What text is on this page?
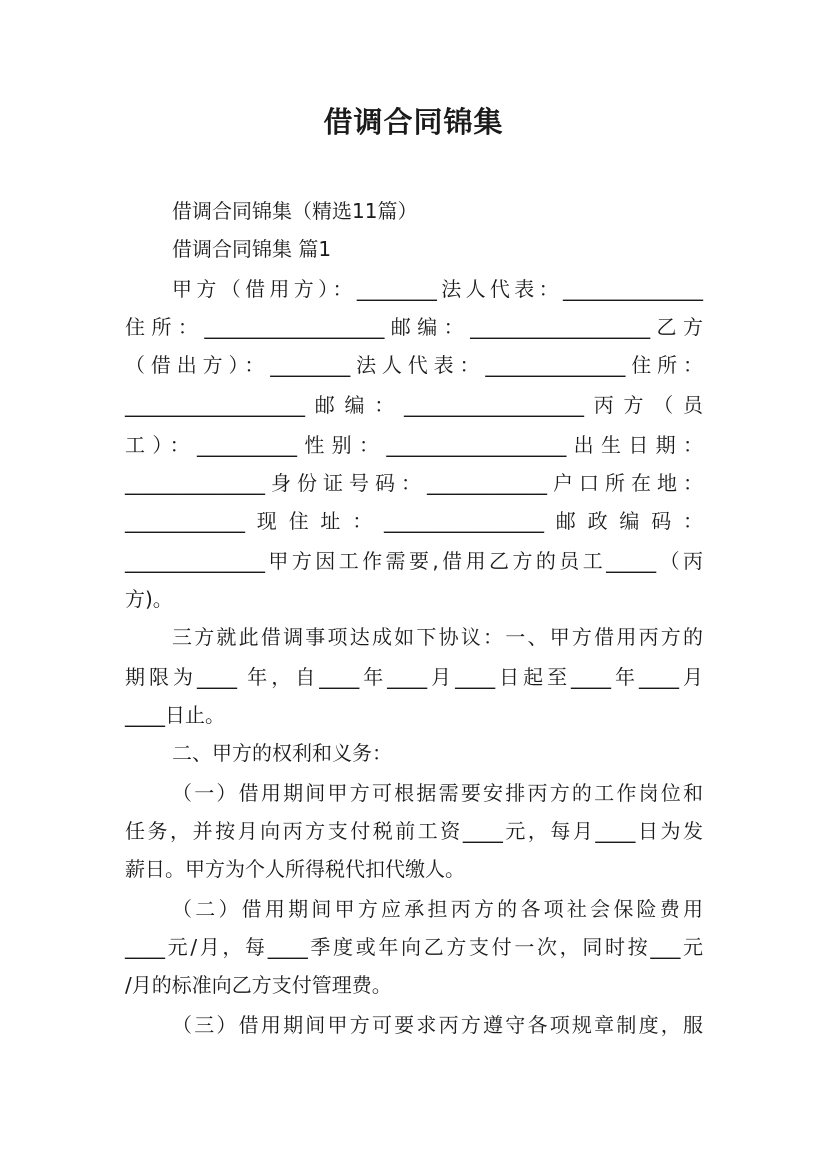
借调合同锦集
借调合同锦集（精选11篇）
借调合同锦集 篇1
甲方（借用方）：________法人代表：______________
住所：__________________邮编：__________________乙方
（借出方）：________法人代表：______________住所：
__________________邮编：__________________丙方（员
工）：__________性别：__________________出生日期：
______________身份证号码：____________户口所在地：
____________现住址：________________邮政编码：
______________甲方因工作需要,借用乙方的员工_____（丙
方)。
三方就此借调事项达成如下协议：一、甲方借用丙方的
期限为____ 年，自____年____月____日起至____年____月
____日止。
二、甲方的权利和义务：
（一）借用期间甲方可根据需要安排丙方的工作岗位和
任务，并按月向丙方支付税前工资____元，每月____日为发
薪日。甲方为个人所得税代扣代缴人。
（二）借用期间甲方应承担丙方的各项社会保险费用
____元/月，每____季度或年向乙方支付一次，同时按___元
/月的标准向乙方支付管理费。
（三）借用期间甲方可要求丙方遵守各项规章制度，服
